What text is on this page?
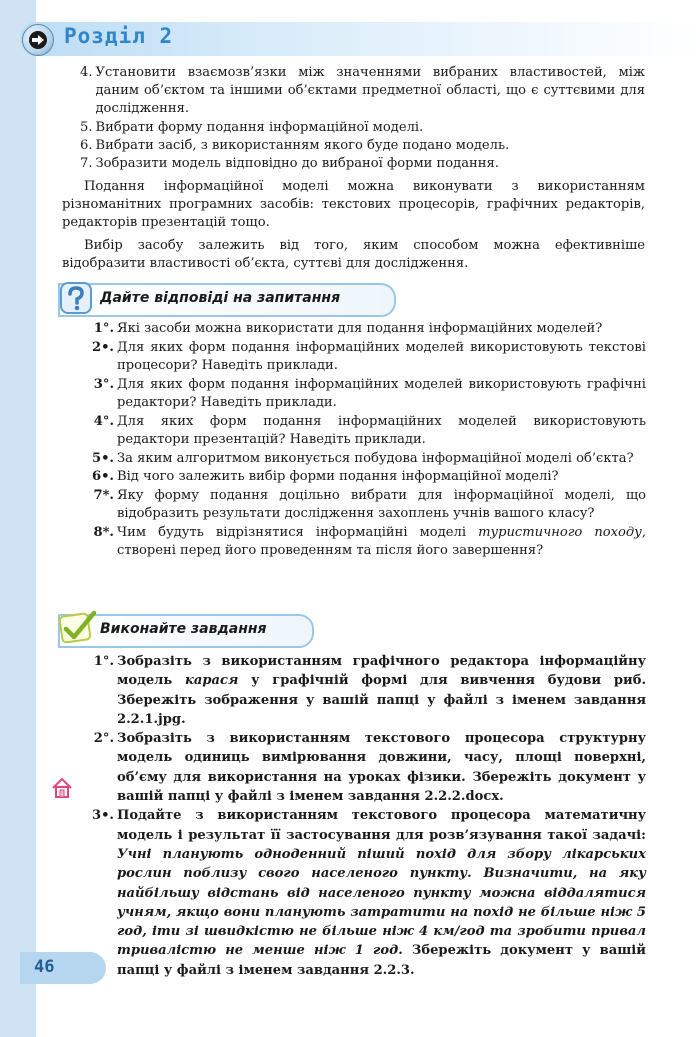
Розділ 2
4. Установити взаємозв’язки між значеннями вибраних властивостей, між даним об’єктом та іншими об’єктами предметної області, що є суттєвими для дослідження.
5. Вибрати форму подання інформаційної моделі.
6. Вибрати засіб, з використанням якого буде подано модель.
7. Зобразити модель відповідно до вибраної форми подання.

Подання інформаційної моделі можна виконувати з використанням різноманітних програмних засобів: текстових процесорів, графічних редакторів, редакторів презентацій тощо.

Вибір засобу залежить від того, яким способом можна ефективніше відобразити властивості об’єкта, суттєві для дослідження.

Дайте відповіді на запитання
1°. Які засоби можна використати для подання інформаційних моделей?
2•. Для яких форм подання інформаційних моделей використовують текстові процесори? Наведіть приклади.
3°. Для яких форм подання інформаційних моделей використовують графічні редактори? Наведіть приклади.
4°. Для яких форм подання інформаційних моделей використовують редактори презентацій? Наведіть приклади.
5•. За яким алгоритмом виконується побудова інформаційної моделі об’єкта?
6•. Від чого залежить вибір форми подання інформаційної моделі?
7*. Яку форму подання доцільно вибрати для інформаційної моделі, що відобразить результати дослідження захоплень учнів вашого класу?
8*. Чим будуть відрізнятися інформаційні моделі туристичного походу, створені перед його проведенням та після його завершення?
Виконайте завдання
1°. Зобразіть з використанням графічного редактора інформаційну модель карася у графічній формі для вивчення будови риб. Збережіть зображення у вашій папці у файлі з іменем завдання 2.2.1.jpg.
2°. Зобразіть з використанням текстового процесора структурну модель одиниць вимірювання довжини, часу, площі поверхні, об’єму для використання на уроках фізики. Збережіть документ у вашій папці у файлі з іменем завдання 2.2.2.docx.
3•. Подайте з використанням текстового процесора математичну модель і результат її застосування для розв’язування такої задачі: Учні планують одноденний піший похід для збору лікарських рослин поблизу свого населеного пункту. Визначити, на яку найбільшу відстань від населеного пункту можна віддалятися учням, якщо вони планують затратити на похід не більше ніж 5 год, іти зі швидкістю не більше ніж 4 км/год та зробити привал тривалістю не менше ніж 1 год. Збережіть документ у вашій папці у файлі з іменем завдання 2.2.3.
46
